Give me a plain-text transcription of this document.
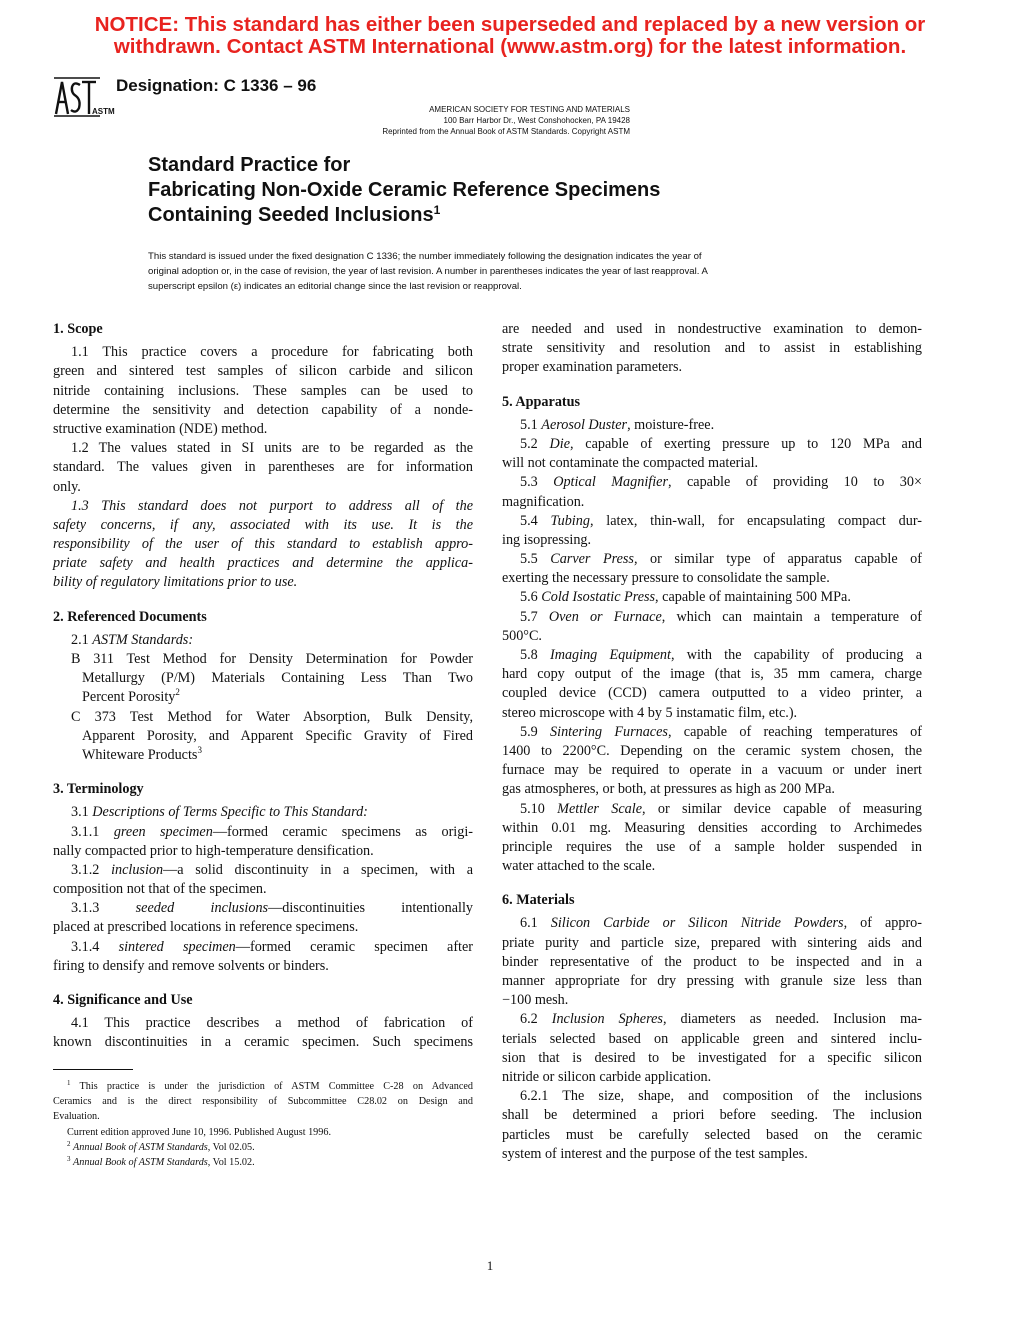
NOTICE: This standard has either been superseded and replaced by a new version or
withdrawn. Contact ASTM International (www.astm.org) for the latest information.
ASTM
Designation: C 1336 – 96
AMERICAN SOCIETY FOR TESTING AND MATERIALS
100 Barr Harbor Dr., West Conshohocken, PA 19428
Reprinted from the Annual Book of ASTM Standards. Copyright ASTM
Standard Practice for
Fabricating Non-Oxide Ceramic Reference Specimens
Containing Seeded Inclusions$^1$
This standard is issued under the fixed designation C 1336; the number immediately following the designation indicates the year of
original adoption or, in the case of revision, the year of last revision. A number in parentheses indicates the year of last reapproval. A
superscript epsilon (ε) indicates an editorial change since the last revision or reapproval.
1. Scope
1.1 This practice covers a procedure for fabricating both
green and sintered test samples of silicon carbide and silicon
nitride containing inclusions. These samples can be used to
determine the sensitivity and detection capability of a nonde-
structive examination (NDE) method.
1.2 The values stated in SI units are to be regarded as the
standard. The values given in parentheses are for information
only.
1.3 This standard does not purport to address all of the
safety concerns, if any, associated with its use. It is the
responsibility of the user of this standard to establish appro-
priate safety and health practices and determine the applica-
bility of regulatory limitations prior to use.
2. Referenced Documents
2.1 ASTM Standards:
B 311 Test Method for Density Determination for Powder
Metallurgy (P/M) Materials Containing Less Than Two
Percent Porosity$^2$
C 373 Test Method for Water Absorption, Bulk Density,
Apparent Porosity, and Apparent Specific Gravity of Fired
Whiteware Products$^3$
3. Terminology
3.1 Descriptions of Terms Specific to This Standard:
3.1.1 green specimen—formed ceramic specimens as origi-
nally compacted prior to high-temperature densification.
3.1.2 inclusion—a solid discontinuity in a specimen, with a
composition not that of the specimen.
3.1.3 seeded inclusions—discontinuities intentionally
placed at prescribed locations in reference specimens.
3.1.4 sintered specimen—formed ceramic specimen after
firing to densify and remove solvents or binders.
4. Significance and Use
4.1 This practice describes a method of fabrication of
known discontinuities in a ceramic specimen. Such specimens
$^1$ This practice is under the jurisdiction of ASTM Committee C-28 on Advanced
Ceramics and is the direct responsibility of Subcommittee C28.02 on Design and
Evaluation.
Current edition approved June 10, 1996. Published August 1996.
$^2$ Annual Book of ASTM Standards, Vol 02.05.
$^3$ Annual Book of ASTM Standards, Vol 15.02.
are needed and used in nondestructive examination to demon-
strate sensitivity and resolution and to assist in establishing
proper examination parameters.
5. Apparatus
5.1 Aerosol Duster, moisture-free.
5.2 Die, capable of exerting pressure up to 120 MPa and
will not contaminate the compacted material.
5.3 Optical Magnifier, capable of providing 10 to 30×
magnification.
5.4 Tubing, latex, thin-wall, for encapsulating compact dur-
ing isopressing.
5.5 Carver Press, or similar type of apparatus capable of
exerting the necessary pressure to consolidate the sample.
5.6 Cold Isostatic Press, capable of maintaining 500 MPa.
5.7 Oven or Furnace, which can maintain a temperature of
500°C.
5.8 Imaging Equipment, with the capability of producing a
hard copy output of the image (that is, 35 mm camera, charge
coupled device (CCD) camera outputted to a video printer, a
stereo microscope with 4 by 5 instamatic film, etc.).
5.9 Sintering Furnaces, capable of reaching temperatures of
1400 to 2200°C. Depending on the ceramic system chosen, the
furnace may be required to operate in a vacuum or under inert
gas atmospheres, or both, at pressures as high as 200 MPa.
5.10 Mettler Scale, or similar device capable of measuring
within 0.01 mg. Measuring densities according to Archimedes
principle requires the use of a sample holder suspended in
water attached to the scale.
6. Materials
6.1 Silicon Carbide or Silicon Nitride Powders, of appro-
priate purity and particle size, prepared with sintering aids and
binder representative of the product to be inspected and in a
manner appropriate for dry pressing with granule size less than
−100 mesh.
6.2 Inclusion Spheres, diameters as needed. Inclusion ma-
terials selected based on applicable green and sintered inclu-
sion that is desired to be investigated for a specific silicon
nitride or silicon carbide application.
6.2.1 The size, shape, and composition of the inclusions
shall be determined a priori before seeding. The inclusion
particles must be carefully selected based on the ceramic
system of interest and the purpose of the test samples.
1
